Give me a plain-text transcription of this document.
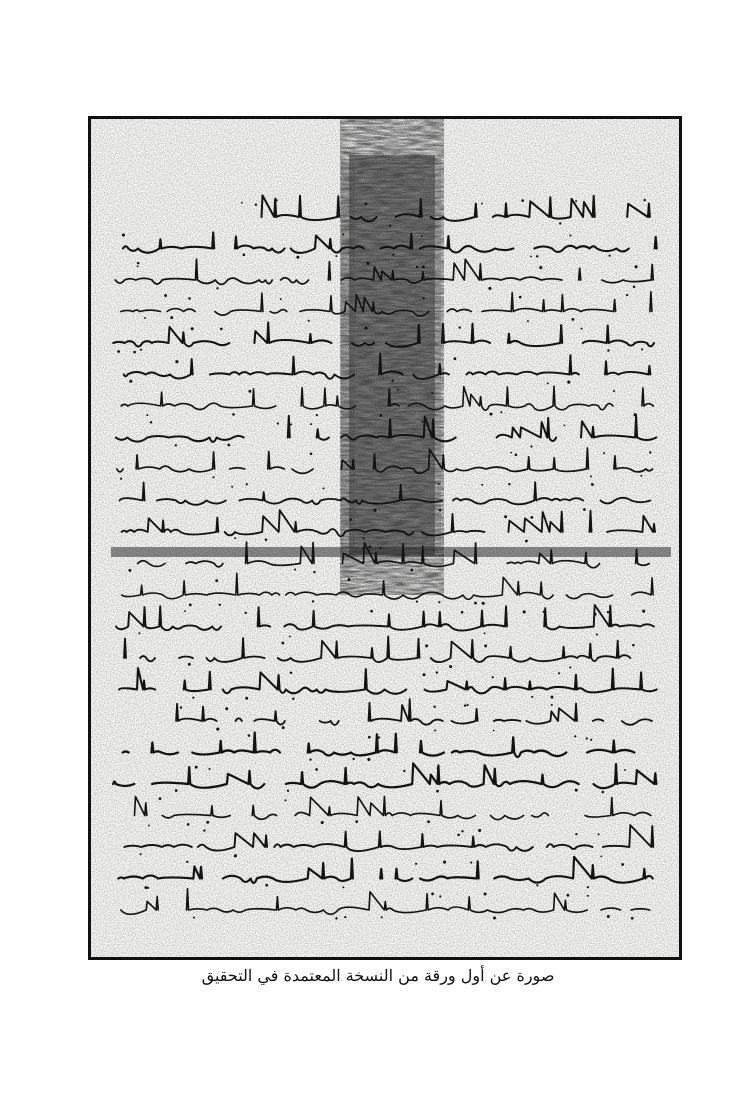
صورة عن أول ورقة من النسخة المعتمدة في التحقيق
